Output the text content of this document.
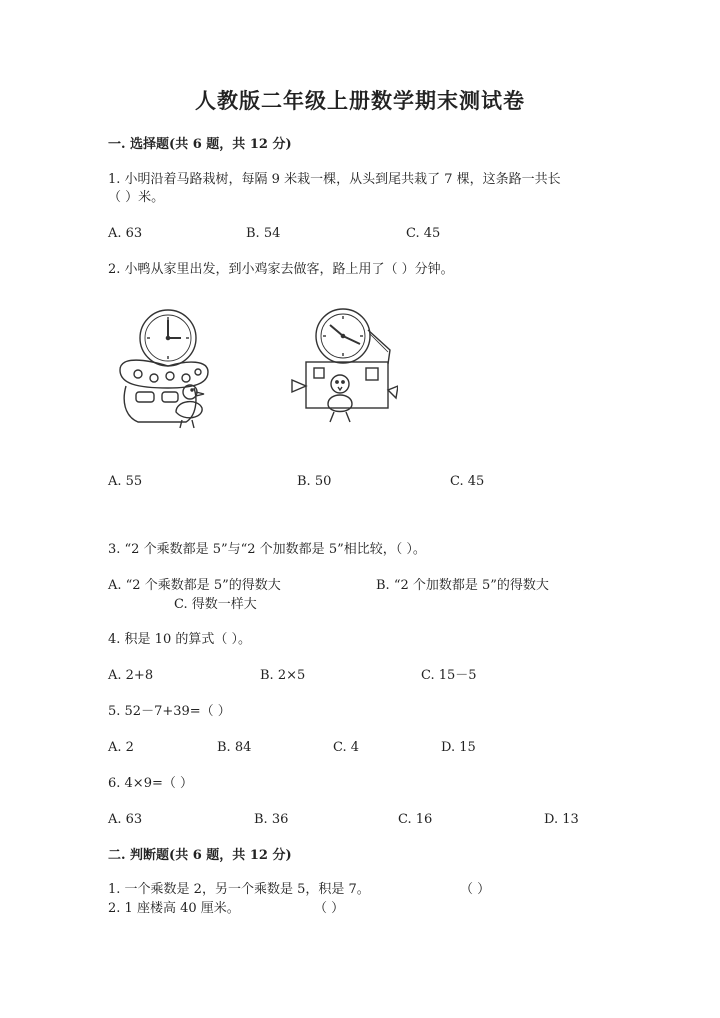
人教版二年级上册数学期末测试卷
一. 选择题(共 6 题，共 12 分)
1. 小明沿着马路栽树，每隔 9 米栽一棵，从头到尾共栽了 7 棵，这条路一共长
（ ）米。
A. 63	B. 54	C. 45
2. 小鸭从家里出发，到小鸡家去做客，路上用了（ ）分钟。
A. 55	B. 50	C. 45
3. “2 个乘数都是 5”与“2 个加数都是 5”相比较，（ ）。
A. “2 个乘数都是 5”的得数大	B. “2 个加数都是 5”的得数大
C. 得数一样大
4. 积是 10 的算式（ ）。
A. 2+8	B. 2×5	C. 15－5
5. 52－7+39=（ ）
A. 2	B. 84	C. 4	D. 15
6. 4×9=（ ）
A. 63	B. 36	C. 16	D. 13
二. 判断题(共 6 题，共 12 分)
1. 一个乘数是 2，另一个乘数是 5，积是 7。	（ ）
2. 1 座楼高 40 厘米。	（ ）
